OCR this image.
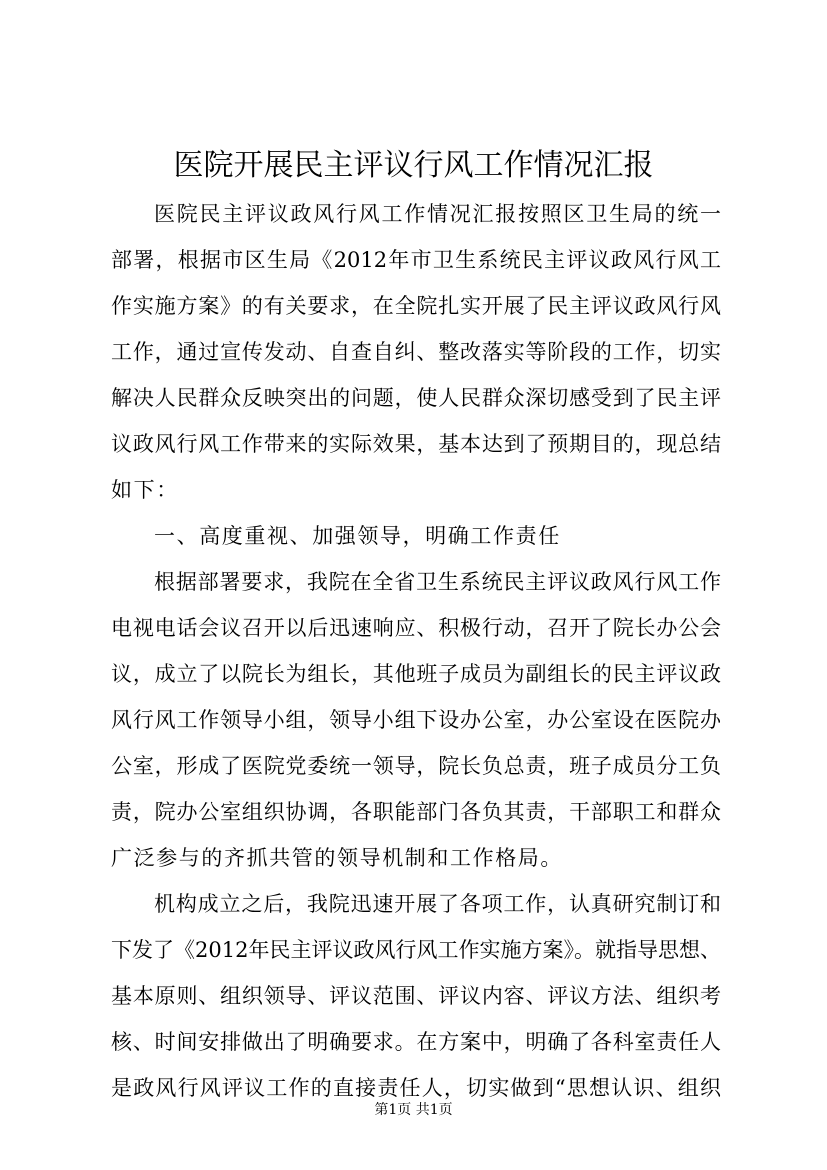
医院开展民主评议行风工作情况汇报
医院民主评议政风行风工作情况汇报按照区卫生局的统一
部署，根据市区生局《2012年市卫生系统民主评议政风行风工
作实施方案》的有关要求，在全院扎实开展了民主评议政风行风
工作，通过宣传发动、自查自纠、整改落实等阶段的工作，切实
解决人民群众反映突出的问题，使人民群众深切感受到了民主评
议政风行风工作带来的实际效果，基本达到了预期目的，现总结
如下：
一、高度重视、加强领导，明确工作责任
根据部署要求，我院在全省卫生系统民主评议政风行风工作
电视电话会议召开以后迅速响应、积极行动，召开了院长办公会
议，成立了以院长为组长，其他班子成员为副组长的民主评议政
风行风工作领导小组，领导小组下设办公室，办公室设在医院办
公室，形成了医院党委统一领导，院长负总责，班子成员分工负
责，院办公室组织协调，各职能部门各负其责，干部职工和群众
广泛参与的齐抓共管的领导机制和工作格局。
机构成立之后，我院迅速开展了各项工作，认真研究制订和
下发了《2012年民主评议政风行风工作实施方案》。就指导思想、
基本原则、组织领导、评议范围、评议内容、评议方法、组织考
核、时间安排做出了明确要求。在方案中，明确了各科室责任人
是政风行风评议工作的直接责任人，切实做到“思想认识、组织
第1页 共1页
